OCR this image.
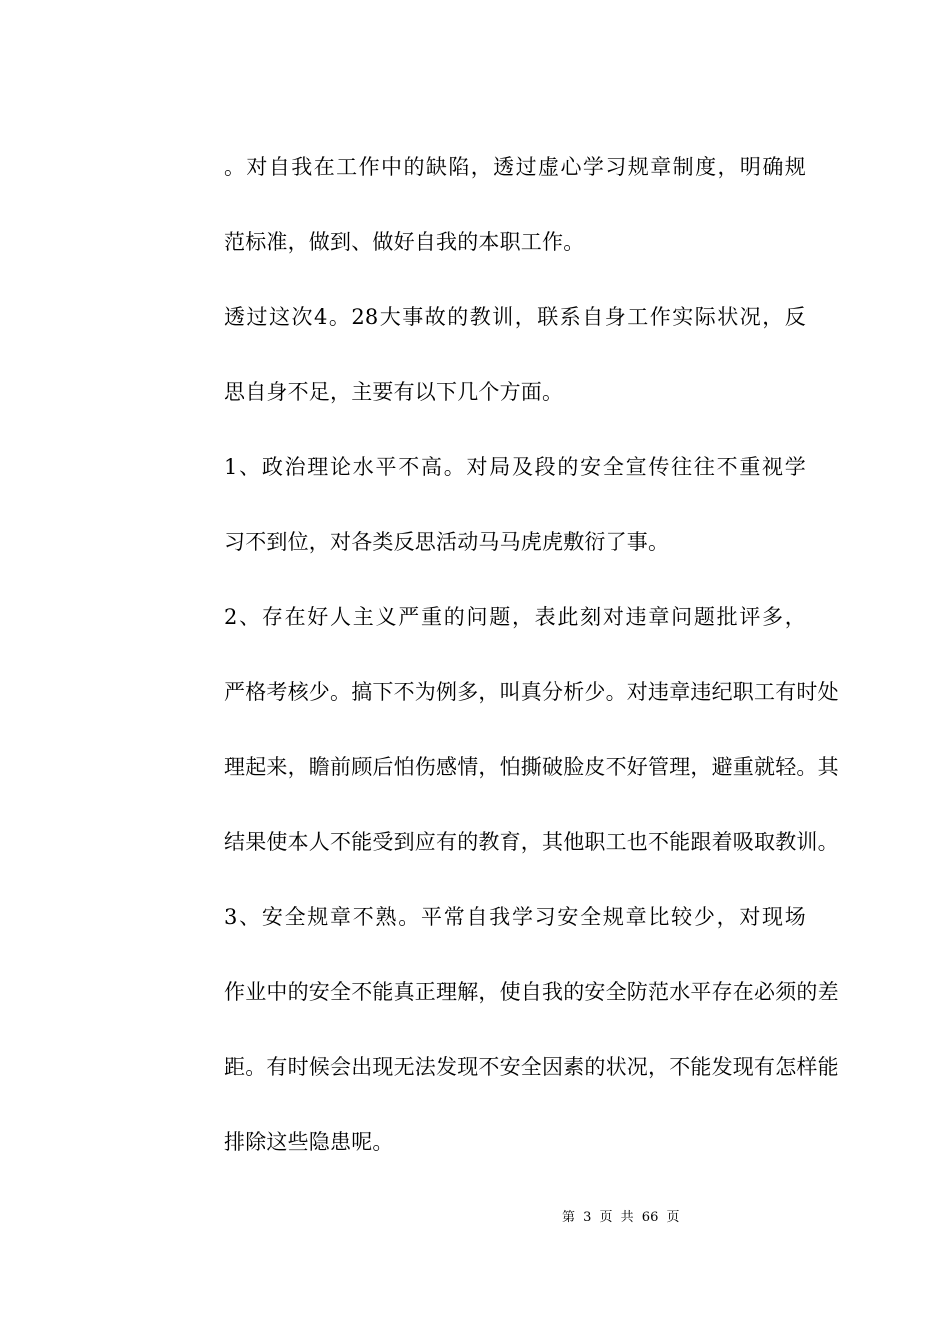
。对自我在工作中的缺陷，透过虚心学习规章制度，明确规
范标准，做到、做好自我的本职工作。

透过这次4。28大事故的教训，联系自身工作实际状况，反
思自身不足，主要有以下几个方面。

1、政治理论水平不高。对局及段的安全宣传往往不重视学
习不到位，对各类反思活动马马虎虎敷衍了事。

2、存在好人主义严重的问题，表此刻对违章问题批评多，
严格考核少。搞下不为例多，叫真分析少。对违章违纪职工有时处
理起来，瞻前顾后怕伤感情，怕撕破脸皮不好管理，避重就轻。其
结果使本人不能受到应有的教育，其他职工也不能跟着吸取教训。

3、安全规章不熟。平常自我学习安全规章比较少，对现场
作业中的安全不能真正理解，使自我的安全防范水平存在必须的差
距。有时候会出现无法发现不安全因素的状况，不能发现有怎样能
排除这些隐患呢。

第 3 页 共 66 页
